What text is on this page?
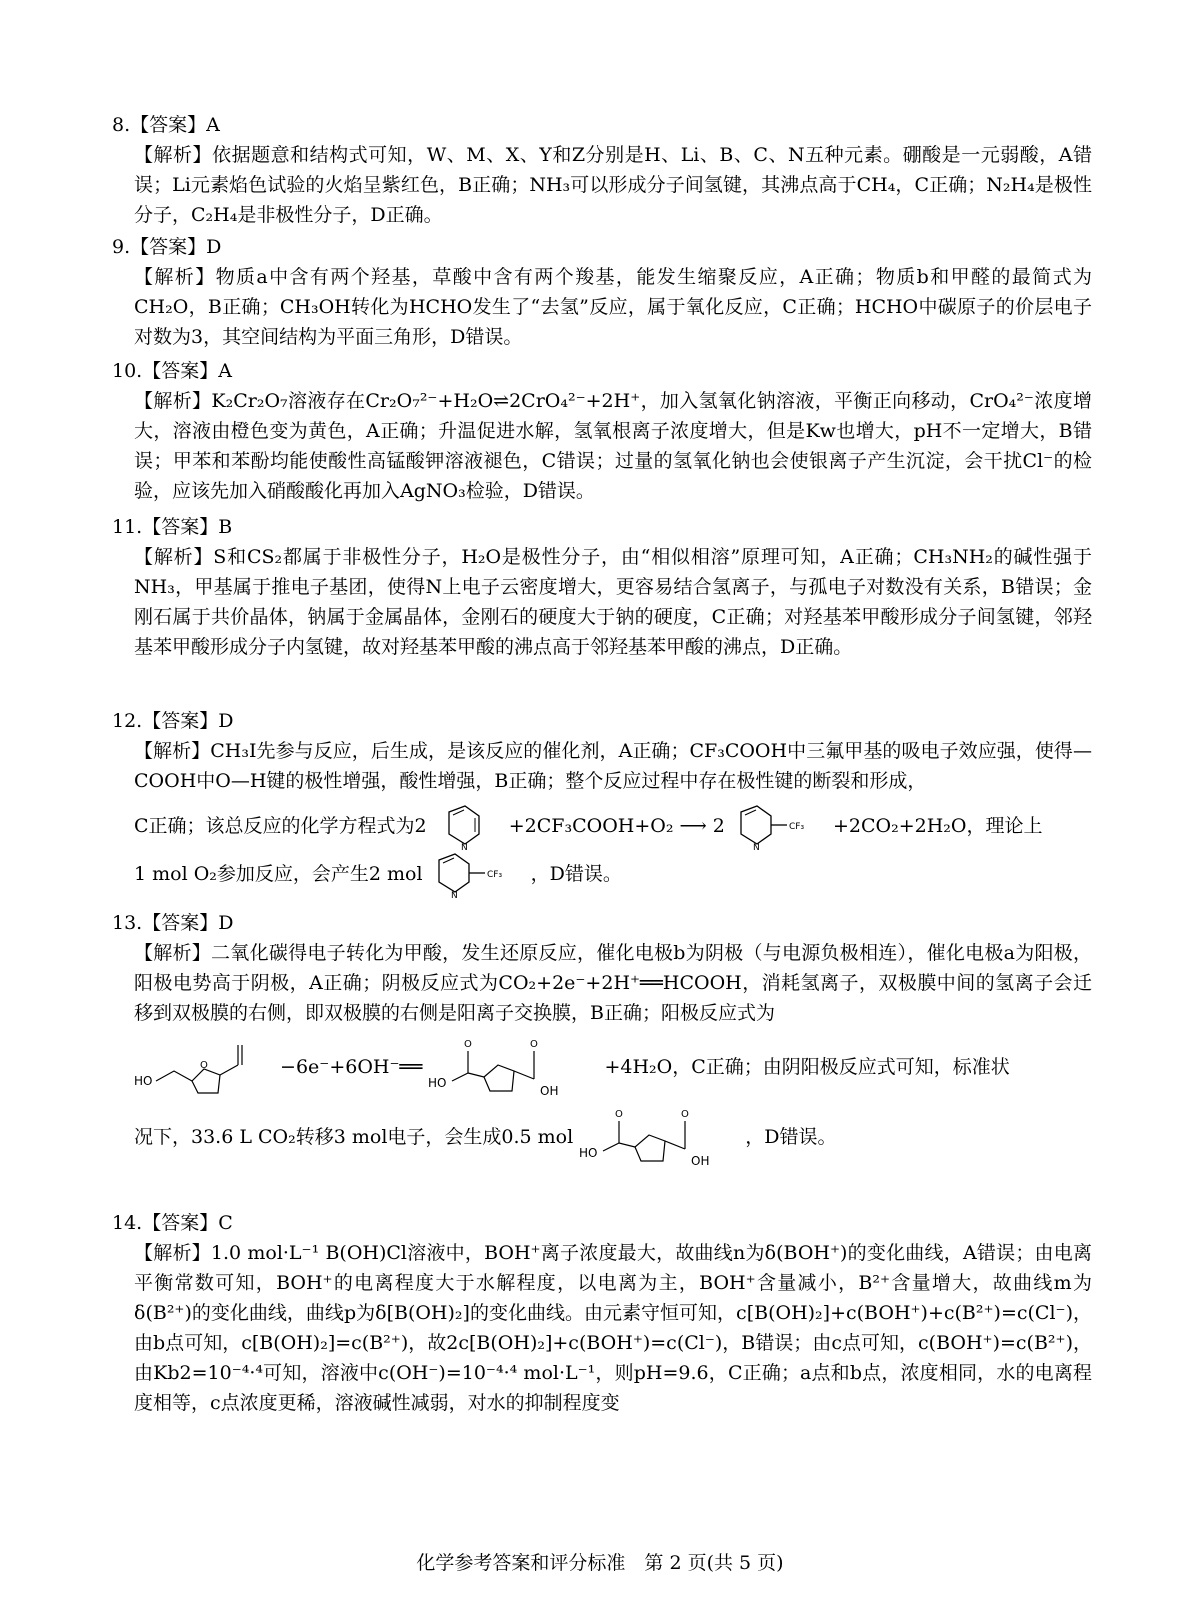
8.【答案】A
【解析】依据题意和结构式可知，W、M、X、Y和Z分别是H、Li、B、C、N五种元素。硼酸是一元弱酸，A错误；Li元素焰色试验的火焰呈紫红色，B正确；NH₃可以形成分子间氢键，其沸点高于CH₄，C正确；N₂H₄是极性分子，C₂H₄是非极性分子，D正确。
9.【答案】D
【解析】物质a中含有两个羟基，草酸中含有两个羧基，能发生缩聚反应，A正确；物质b和甲醛的最简式为CH₂O，B正确；CH₃OH转化为HCHO发生了“去氢”反应，属于氧化反应，C正确；HCHO中碳原子的价层电子对数为3，其空间结构为平面三角形，D错误。
10.【答案】A
【解析】K₂Cr₂O₇溶液存在Cr₂O₇²⁻+H₂O⇌2CrO₄²⁻+2H⁺，加入氢氧化钠溶液，平衡正向移动，CrO₄²⁻浓度增大，溶液由橙色变为黄色，A正确；升温促进水解，氢氧根离子浓度增大，但是Kw也增大，pH不一定增大，B错误；甲苯和苯酚均能使酸性高锰酸钾溶液褪色，C错误；过量的氢氧化钠也会使银离子产生沉淀，会干扰Cl⁻的检验，应该先加入硝酸酸化再加入AgNO₃检验，D错误。
11.【答案】B
【解析】S和CS₂都属于非极性分子，H₂O是极性分子，由“相似相溶”原理可知，A正确；CH₃NH₂的碱性强于NH₃，甲基属于推电子基团，使得N上电子云密度增大，更容易结合氢离子，与孤电子对数没有关系，B错误；金刚石属于共价晶体，钠属于金属晶体，金刚石的硬度大于钠的硬度，C正确；对羟基苯甲酸形成分子间氢键，邻羟基苯甲酸形成分子内氢键，故对羟基苯甲酸的沸点高于邻羟基苯甲酸的沸点，D正确。
12.【答案】D

【解析】CH₃I先参与反应，后生成，是该反应的催化剂，A正确；CF₃COOH中三氟甲基的吸电子效应强，使得—COOH中O—H键的极性增强，酸性增强，B正确；整个反应过程中存在极性键的断裂和形成，

C正确；该总反应的化学方程式为2
N
+2CF₃COOH+O₂ ⟶ 2	CF₃
N
+2CO₂+2H₂O，理论上

1 mol O₂参加反应，会产生2 mol	CF₃
N
，D错误。

13.【答案】D

【解析】二氧化碳得电子转化为甲酸，发生还原反应，催化电极b为阴极（与电源负极相连），催化电极a为阳极，阳极电势高于阴极，A正确；阴极反应式为CO₂+2e⁻+2H⁺══HCOOH，消耗氢离子，双极膜中间的氢离子会迁移到双极膜的右侧，即双极膜的右侧是阳离子交换膜，B正确；阳极反应式为

HO
O	−6e⁻+6OH⁻══
HO
O	O
OH
+4H₂O，C正确；由阴阳极反应式可知，标准状

况下，33.6 L CO₂转移3 mol电子，会生成0.5 mol
HO
O	O
OH
，D错误。

14.【答案】C
【解析】1.0 mol·L⁻¹ B(OH)Cl溶液中，BOH⁺离子浓度最大，故曲线n为δ(BOH⁺)的变化曲线，A错误；由电离平衡常数可知，BOH⁺的电离程度大于水解程度，以电离为主，BOH⁺含量减小，B²⁺含量增大，故曲线m为δ(B²⁺)的变化曲线，曲线p为δ[B(OH)₂]的变化曲线。由元素守恒可知，c[B(OH)₂]+c(BOH⁺)+c(B²⁺)=c(Cl⁻)，由b点可知，c[B(OH)₂]=c(B²⁺)，故2c[B(OH)₂]+c(BOH⁺)=c(Cl⁻)，B错误；由c点可知，c(BOH⁺)=c(B²⁺)，由Kb2=10⁻⁴·⁴可知，溶液中c(OH⁻)=10⁻⁴·⁴ mol·L⁻¹，则pH=9.6，C正确；a点和b点，浓度相同，水的电离程度相等，c点浓度更稀，溶液碱性减弱，对水的抑制程度变
化学参考答案和评分标准　第 2 页(共 5 页)
